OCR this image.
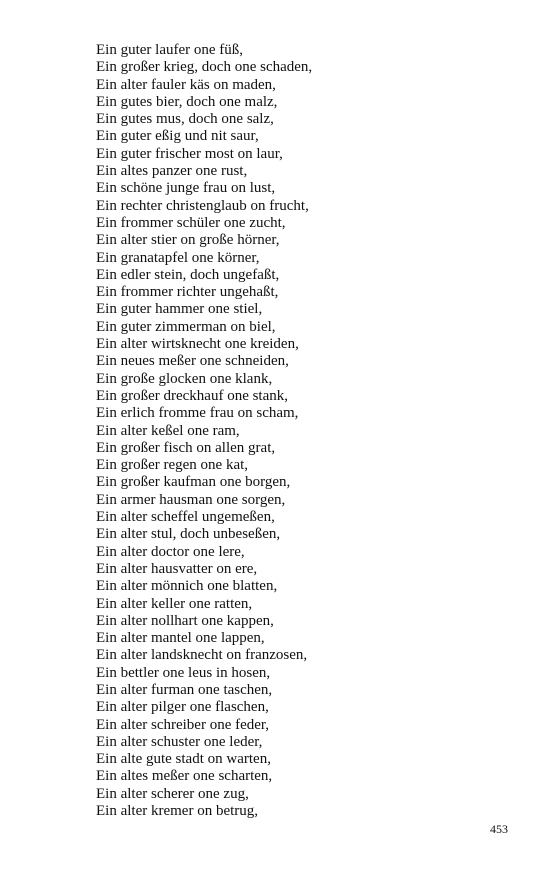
Ein guter laufer one füß,
Ein großer krieg, doch one schaden,
Ein alter fauler käs on maden,
Ein gutes bier, doch one malz,
Ein gutes mus, doch one salz,
Ein guter eßig und nit saur,
Ein guter frischer most on laur,
Ein altes panzer one rust,
Ein schöne junge frau on lust,
Ein rechter christenglaub on frucht,
Ein frommer schüler one zucht,
Ein alter stier on große hörner,
Ein granatapfel one körner,
Ein edler stein, doch ungefaßt,
Ein frommer richter ungehaßt,
Ein guter hammer one stiel,
Ein guter zimmerman on biel,
Ein alter wirtsknecht one kreiden,
Ein neues meßer one schneiden,
Ein große glocken one klank,
Ein großer dreckhauf one stank,
Ein erlich fromme frau on scham,
Ein alter keßel one ram,
Ein großer fisch on allen grat,
Ein großer regen one kat,
Ein großer kaufman one borgen,
Ein armer hausman one sorgen,
Ein alter scheffel ungemeßen,
Ein alter stul, doch unbeseßen,
Ein alter doctor one lere,
Ein alter hausvatter on ere,
Ein alter mönnich one blatten,
Ein alter keller one ratten,
Ein alter nollhart one kappen,
Ein alter mantel one lappen,
Ein alter landsknecht on franzosen,
Ein bettler one leus in hosen,
Ein alter furman one taschen,
Ein alter pilger one flaschen,
Ein alter schreiber one feder,
Ein alter schuster one leder,
Ein alte gute stadt on warten,
Ein altes meßer one scharten,
Ein alter scherer one zug,
Ein alter kremer on betrug,
453
